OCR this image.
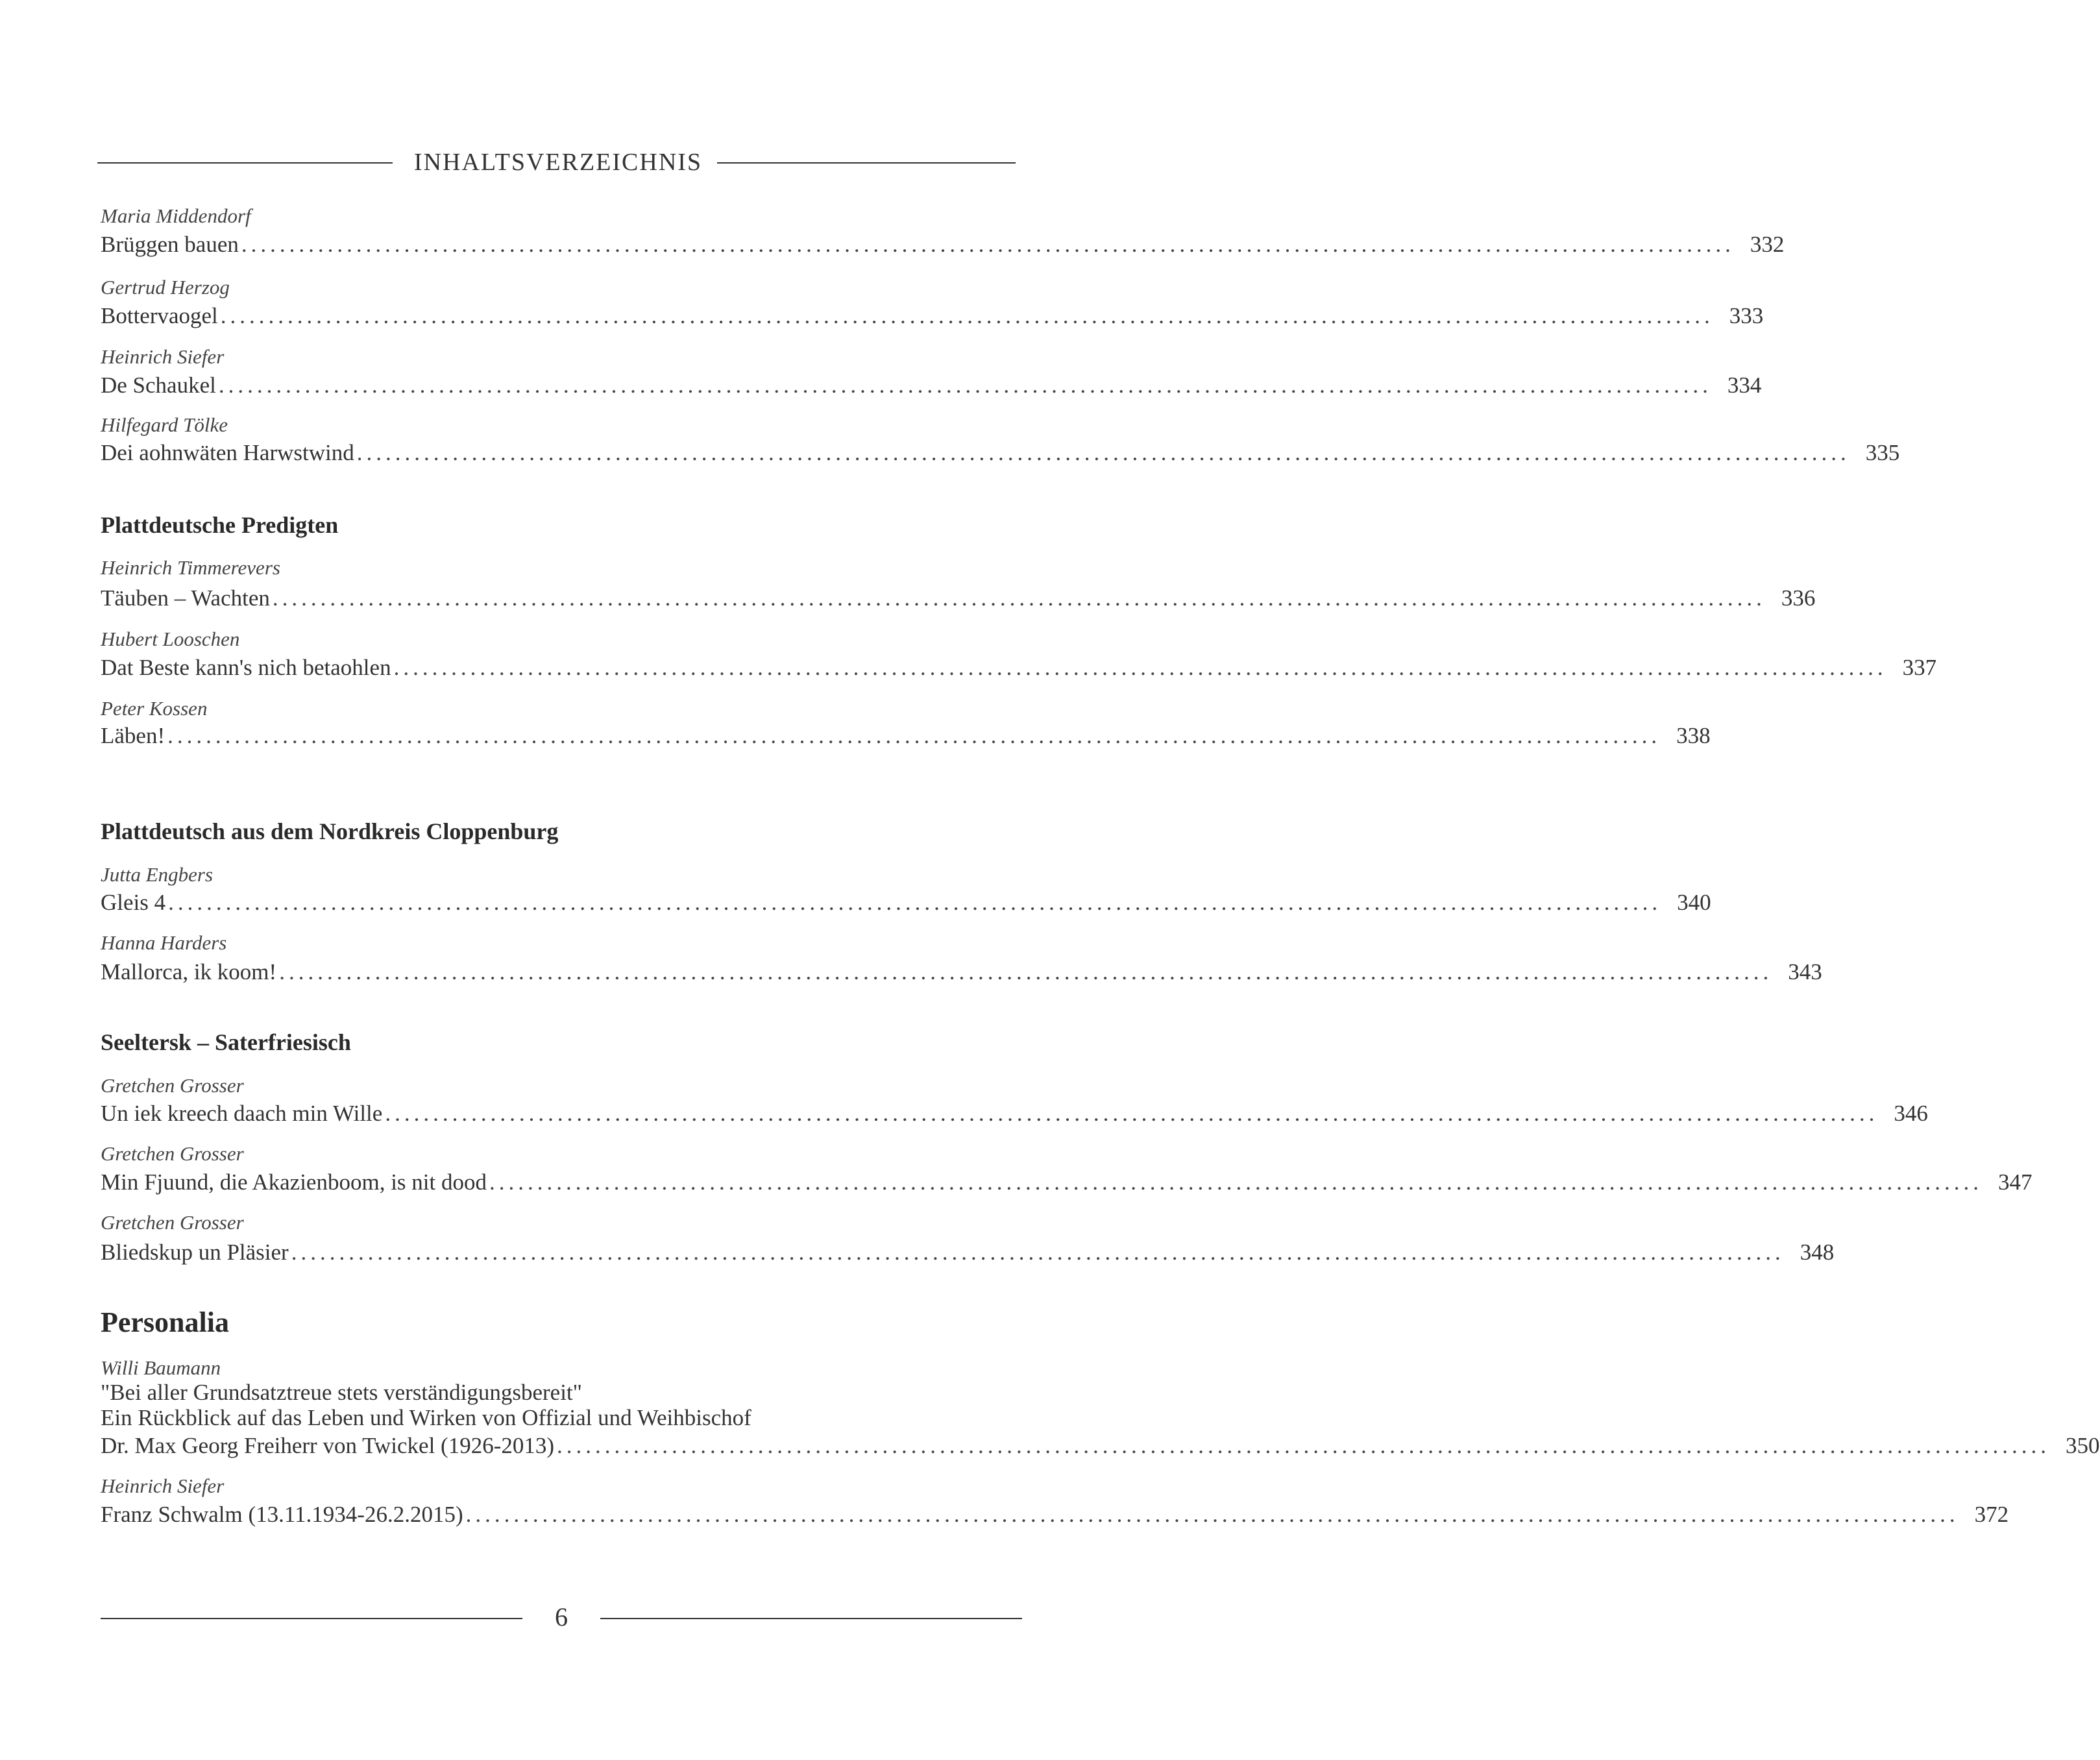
INHALTSVERZEICHNIS
Maria Middendorf
Brüggen bauen ............................................................................................................................................................ 332
Gertrud Herzog
Bottervaogel ............................................................................................................................................................ 333
Heinrich Siefer
De Schaukel ............................................................................................................................................................ 334
Hilfegard Tölke
Dei aohnwäten Harwstwind ............................................................................................................................................................ 335
Plattdeutsche Predigten
Heinrich Timmerevers
Täuben – Wachten ............................................................................................................................................................ 336
Hubert Looschen
Dat Beste kann's nich betaohlen ............................................................................................................................................................ 337
Peter Kossen
Läben! ............................................................................................................................................................ 338
Plattdeutsch aus dem Nordkreis Cloppenburg
Jutta Engbers
Gleis 4 ............................................................................................................................................................ 340
Hanna Harders
Mallorca, ik koom! ............................................................................................................................................................ 343
Seeltersk – Saterfriesisch
Gretchen Grosser
Un iek kreech daach min Wille ............................................................................................................................................................ 346
Gretchen Grosser
Min Fjuund, die Akazienboom, is nit dood ............................................................................................................................................................ 347
Gretchen Grosser
Bliedskup un Pläsier ............................................................................................................................................................ 348
Personalia
Willi Baumann
"Bei aller Grundsatztreue stets verständigungsbereit"
Ein Rückblick auf das Leben und Wirken von Offizial und Weihbischof
Dr. Max Georg Freiherr von Twickel (1926-2013) ............................................................................................................................................................ 350
Heinrich Siefer
Franz Schwalm (13.11.1934-26.2.2015) ............................................................................................................................................................ 372
6
